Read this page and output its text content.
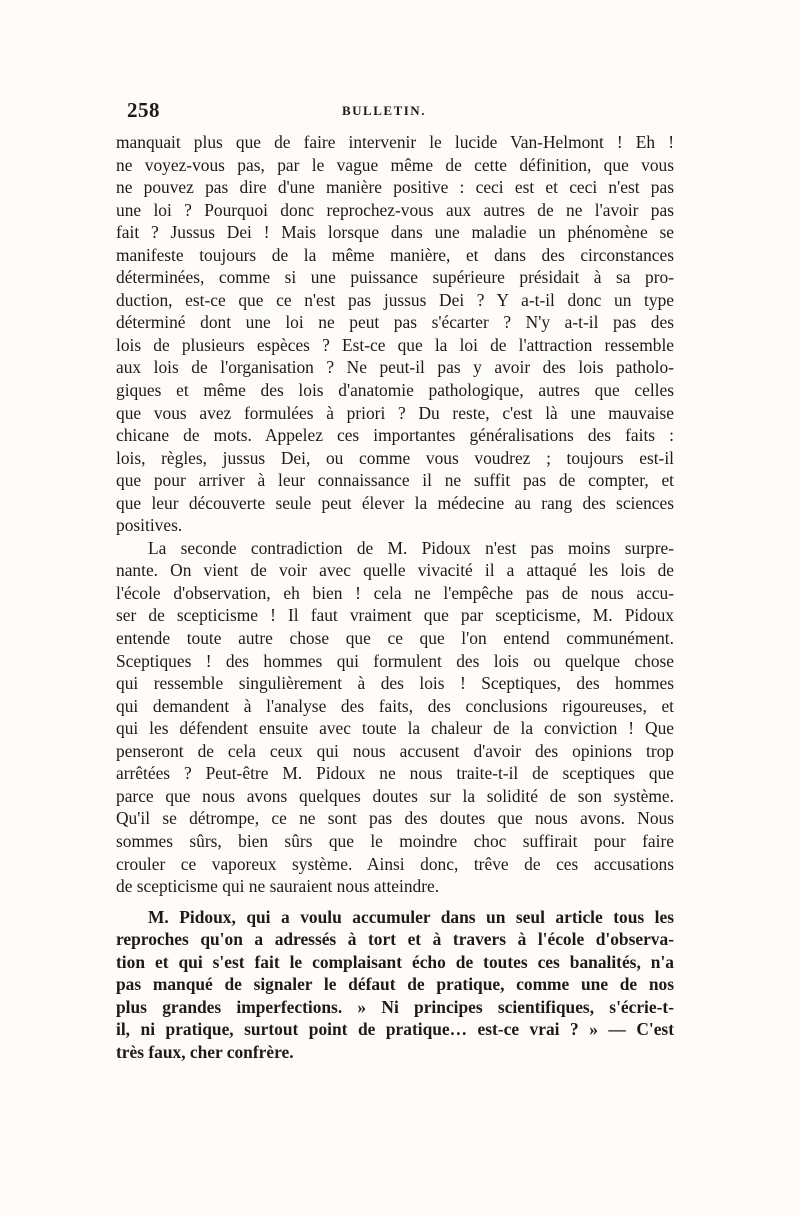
258	BULLETIN.
manquait plus que de faire intervenir le lucide Van-Helmont ! Eh !
ne voyez-vous pas, par le vague même de cette définition, que vous
ne pouvez pas dire d'une manière positive : ceci est et ceci n'est pas
une loi ? Pourquoi donc reprochez-vous aux autres de ne l'avoir pas
fait ? Jussus Dei ! Mais lorsque dans une maladie un phénomène se
manifeste toujours de la même manière, et dans des circonstances
déterminées, comme si une puissance supérieure présidait à sa pro-
duction, est-ce que ce n'est pas jussus Dei ? Y a-t-il donc un type
déterminé dont une loi ne peut pas s'écarter ? N'y a-t-il pas des
lois de plusieurs espèces ? Est-ce que la loi de l'attraction ressemble
aux lois de l'organisation ? Ne peut-il pas y avoir des lois patholo-
giques et même des lois d'anatomie pathologique, autres que celles
que vous avez formulées à priori ? Du reste, c'est là une mauvaise
chicane de mots. Appelez ces importantes généralisations des faits :
lois, règles, jussus Dei, ou comme vous voudrez ; toujours est-il
que pour arriver à leur connaissance il ne suffit pas de compter, et
que leur découverte seule peut élever la médecine au rang des sciences
positives.
La seconde contradiction de M. Pidoux n'est pas moins surpre-
nante. On vient de voir avec quelle vivacité il a attaqué les lois de
l'école d'observation, eh bien ! cela ne l'empêche pas de nous accu-
ser de scepticisme ! Il faut vraiment que par scepticisme, M. Pidoux
entende toute autre chose que ce que l'on entend communément.
Sceptiques ! des hommes qui formulent des lois ou quelque chose
qui ressemble singulièrement à des lois ! Sceptiques, des hommes
qui demandent à l'analyse des faits, des conclusions rigoureuses, et
qui les défendent ensuite avec toute la chaleur de la conviction ! Que
penseront de cela ceux qui nous accusent d'avoir des opinions trop
arrêtées ? Peut-être M. Pidoux ne nous traite-t-il de sceptiques que
parce que nous avons quelques doutes sur la solidité de son système.
Qu'il se détrompe, ce ne sont pas des doutes que nous avons. Nous
sommes sûrs, bien sûrs que le moindre choc suffirait pour faire
crouler ce vaporeux système. Ainsi donc, trêve de ces accusations
de scepticisme qui ne sauraient nous atteindre.
M. Pidoux, qui a voulu accumuler dans un seul article tous les
reproches qu'on a adressés à tort et à travers à l'école d'observa-
tion et qui s'est fait le complaisant écho de toutes ces banalités, n'a
pas manqué de signaler le défaut de pratique, comme une de nos
plus grandes imperfections. » Ni principes scientifiques, s'écrie-t-
il, ni pratique, surtout point de pratique… est-ce vrai ? » — C'est
très faux, cher confrère.
